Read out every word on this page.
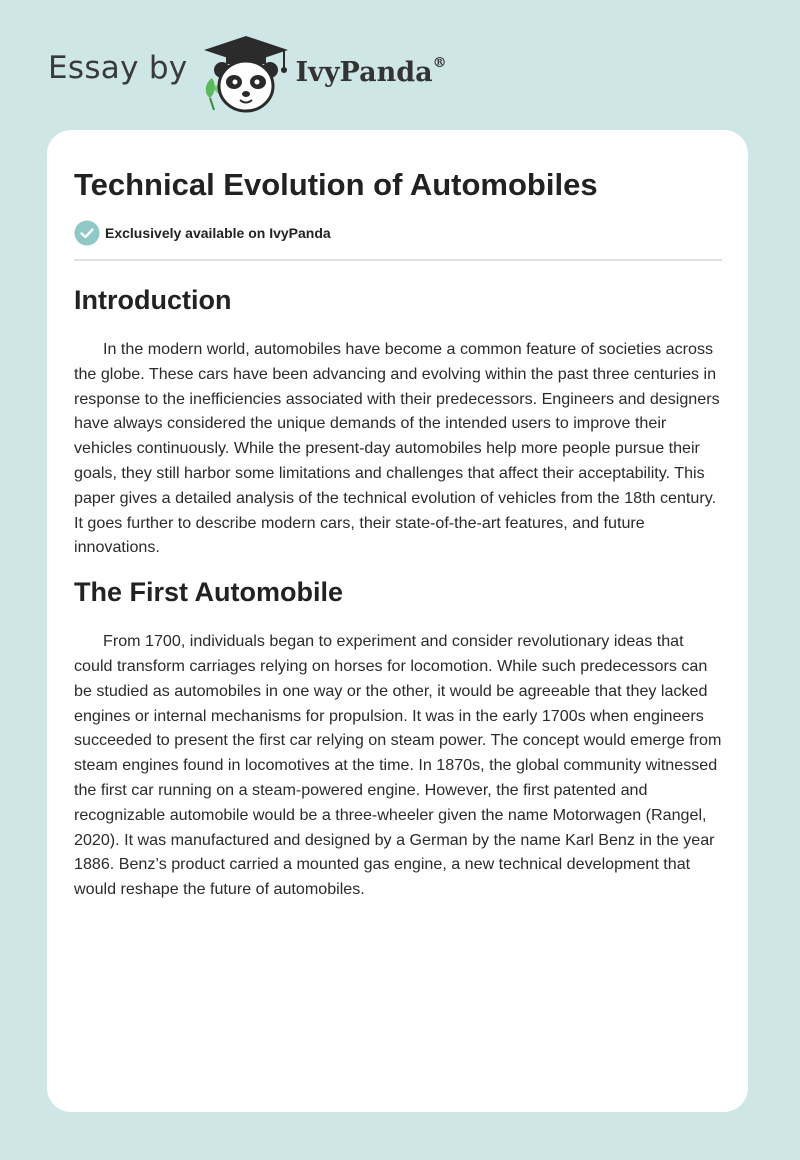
Essay by	IvyPanda®
Technical Evolution of Automobiles
Exclusively available on IvyPanda
Introduction

In the modern world, automobiles have become a common feature of societies across the globe. These cars have been advancing and evolving within the past three centuries in response to the inefficiencies associated with their predecessors. Engineers and designers have always considered the unique demands of the intended users to improve their vehicles continuously. While the present-day automobiles help more people pursue their goals, they still harbor some limitations and challenges that affect their acceptability. This paper gives a detailed analysis of the technical evolution of vehicles from the 18th century. It goes further to describe modern cars, their state-of-the-art features, and future innovations.

The First Automobile

From 1700, individuals began to experiment and consider revolutionary ideas that could transform carriages relying on horses for locomotion. While such predecessors can be studied as automobiles in one way or the other, it would be agreeable that they lacked engines or internal mechanisms for propulsion. It was in the early 1700s when engineers succeeded to present the first car relying on steam power. The concept would emerge from steam engines found in locomotives at the time. In 1870s, the global community witnessed the first car running on a steam-powered engine. However, the first patented and recognizable automobile would be a three-wheeler given the name Motorwagen (Rangel, 2020). It was manufactured and designed by a German by the name Karl Benz in the year 1886. Benz’s product carried a mounted gas engine, a new technical development that would reshape the future of automobiles.
